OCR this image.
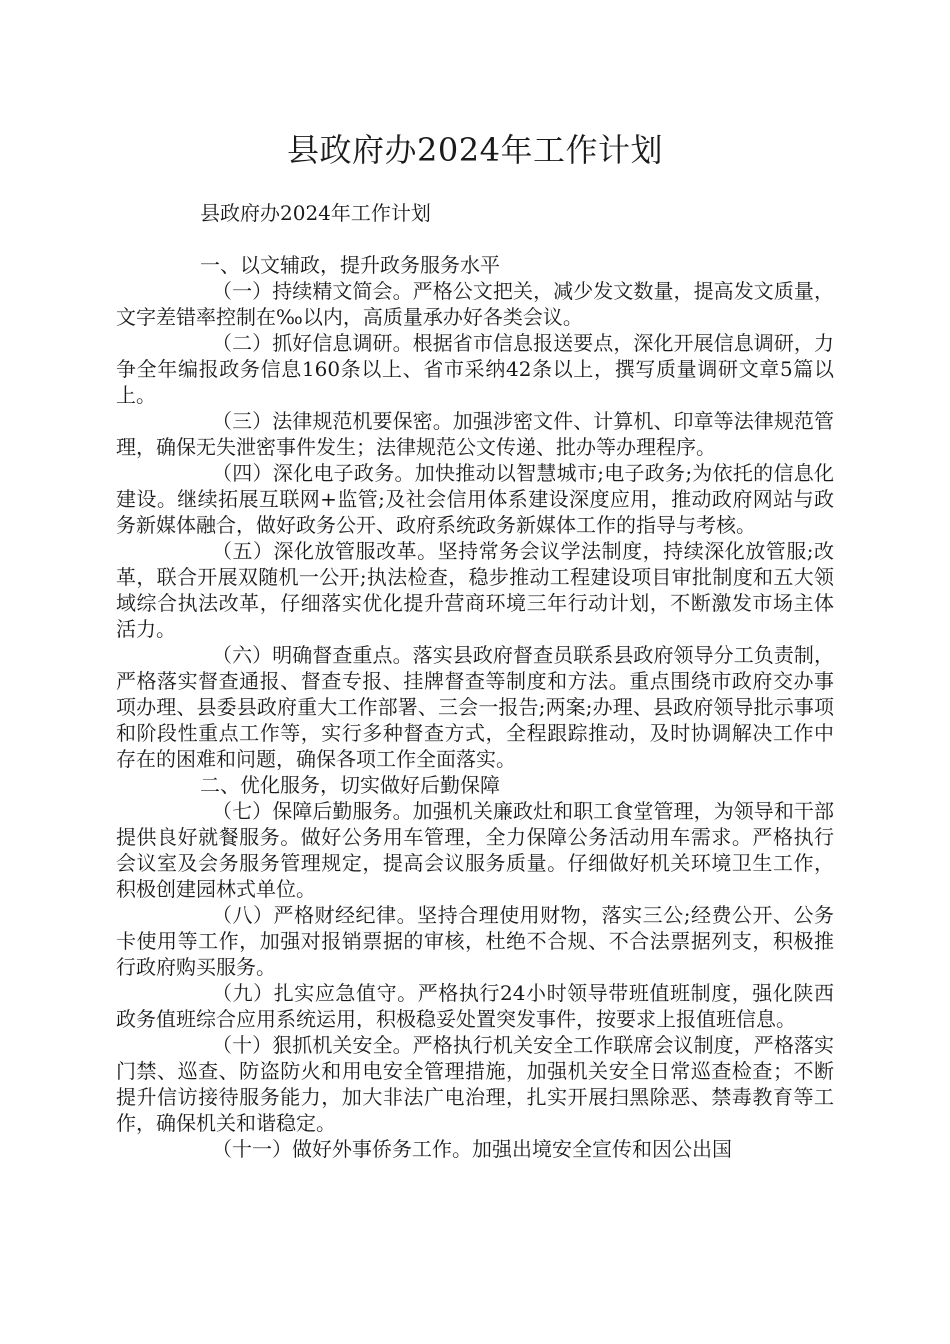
县政府办2024年工作计划

县政府办2024年工作计划

一、以文辅政，提升政务服务水平

（一）持续精文简会。严格公文把关，减少发文数量，提高发文质量，文字差错率控制在‰以内，高质量承办好各类会议。

（二）抓好信息调研。根据省市信息报送要点，深化开展信息调研，力争全年编报政务信息160条以上、省市采纳42条以上，撰写质量调研文章5篇以上。

（三）法律规范机要保密。加强涉密文件、计算机、印章等法律规范管理，确保无失泄密事件发生；法律规范公文传递、批办等办理程序。

（四）深化电子政务。加快推动以智慧城市;电子政务;为依托的信息化建设。继续拓展互联网+监管;及社会信用体系建设深度应用，推动政府网站与政务新媒体融合，做好政务公开、政府系统政务新媒体工作的指导与考核。

（五）深化放管服改革。坚持常务会议学法制度，持续深化放管服;改革，联合开展双随机一公开;执法检查，稳步推动工程建设项目审批制度和五大领域综合执法改革，仔细落实优化提升营商环境三年行动计划，不断激发市场主体活力。

（六）明确督查重点。落实县政府督查员联系县政府领导分工负责制，严格落实督查通报、督查专报、挂牌督查等制度和方法。重点围绕市政府交办事项办理、县委县政府重大工作部署、三会一报告;两案;办理、县政府领导批示事项和阶段性重点工作等，实行多种督查方式，全程跟踪推动，及时协调解决工作中存在的困难和问题，确保各项工作全面落实。

二、优化服务，切实做好后勤保障

（七）保障后勤服务。加强机关廉政灶和职工食堂管理，为领导和干部提供良好就餐服务。做好公务用车管理，全力保障公务活动用车需求。严格执行会议室及会务服务管理规定，提高会议服务质量。仔细做好机关环境卫生工作，积极创建园林式单位。

（八）严格财经纪律。坚持合理使用财物，落实三公;经费公开、公务卡使用等工作，加强对报销票据的审核，杜绝不合规、不合法票据列支，积极推行政府购买服务。

（九）扎实应急值守。严格执行24小时领导带班值班制度，强化陕西政务值班综合应用系统运用，积极稳妥处置突发事件，按要求上报值班信息。

（十）狠抓机关安全。严格执行机关安全工作联席会议制度，严格落实门禁、巡查、防盗防火和用电安全管理措施，加强机关安全日常巡查检查；不断提升信访接待服务能力，加大非法广电治理，扎实开展扫黑除恶、禁毒教育等工作，确保机关和谐稳定。

（十一）做好外事侨务工作。加强出境安全宣传和因公出国
